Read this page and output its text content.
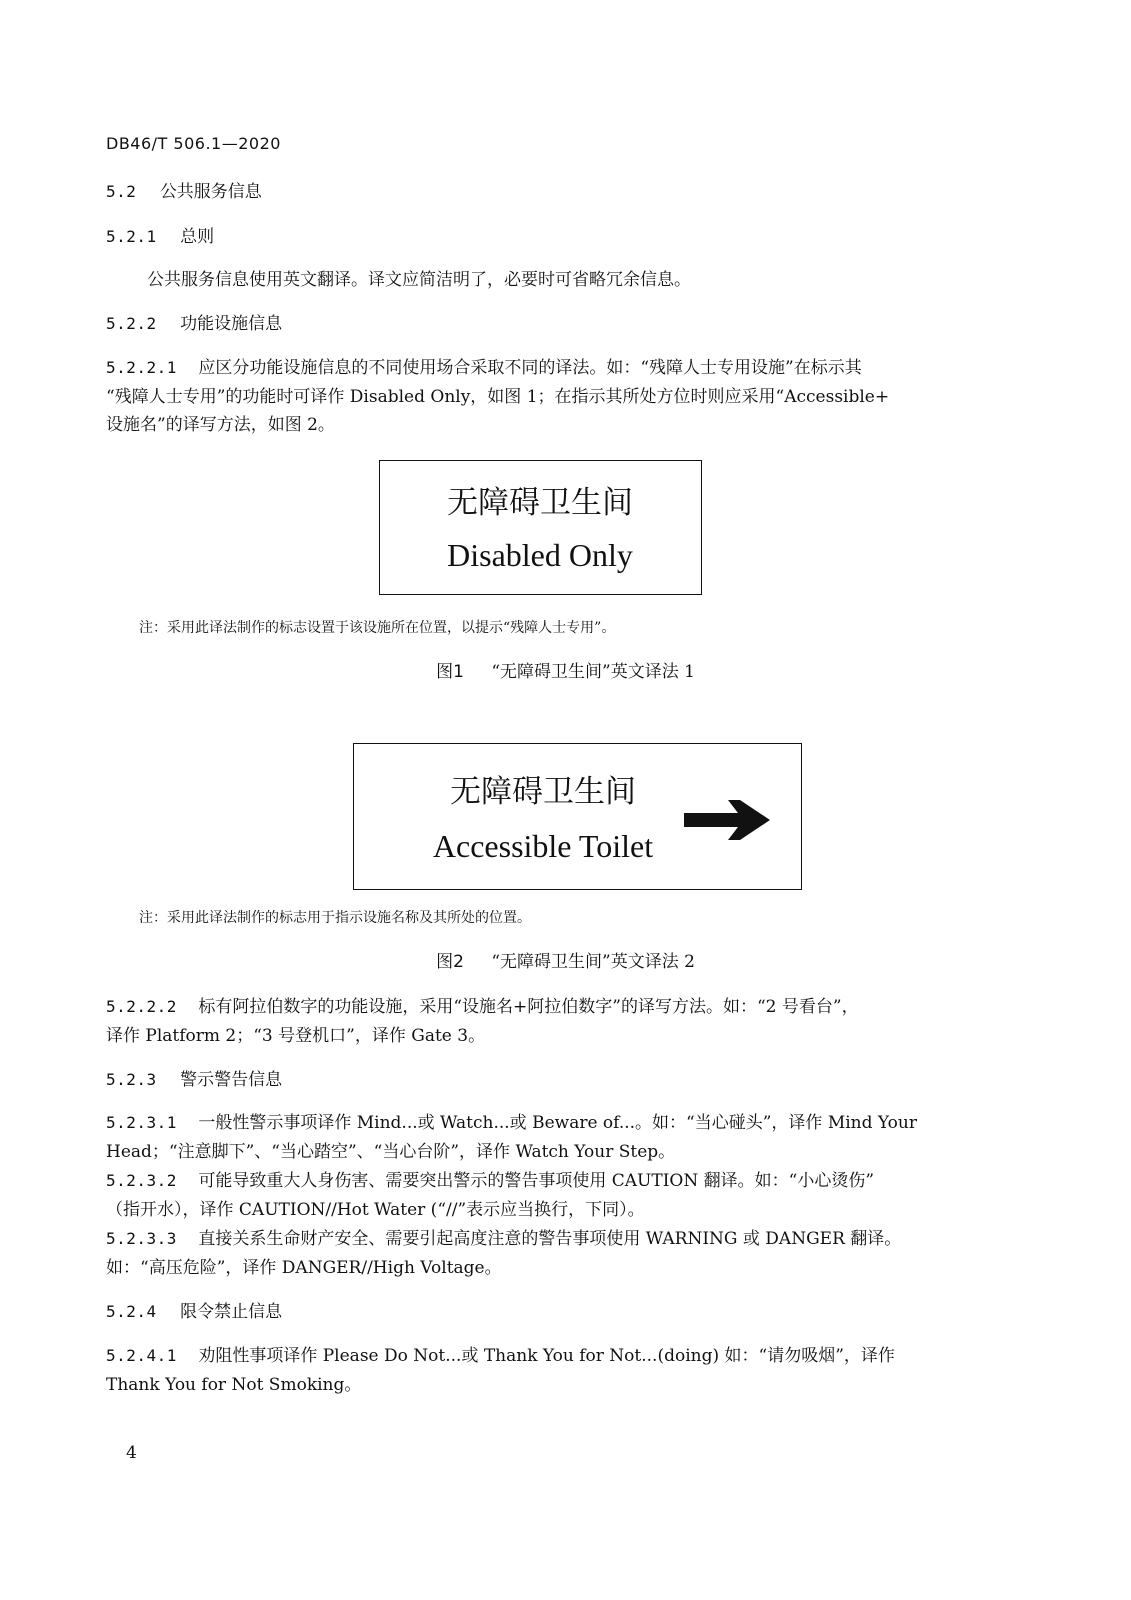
DB46/T 506.1—2020
5.2 公共服务信息
5.2.1 总则
公共服务信息使用英文翻译。译文应简洁明了，必要时可省略冗余信息。
5.2.2 功能设施信息
5.2.2.1 应区分功能设施信息的不同使用场合采取不同的译法。如：“残障人士专用设施”在标示其
“残障人士专用”的功能时可译作 Disabled Only，如图 1；在指示其所处方位时则应采用“Accessible+
设施名”的译写方法，如图 2。
无障碍卫生间
Disabled Only
注：采用此译法制作的标志设置于该设施所在位置，以提示“残障人士专用”。
图1 “无障碍卫生间”英文译法 1
无障碍卫生间
Accessible Toilet
注：采用此译法制作的标志用于指示设施名称及其所处的位置。
图2 “无障碍卫生间”英文译法 2
5.2.2.2 标有阿拉伯数字的功能设施，采用“设施名+阿拉伯数字”的译写方法。如：“2 号看台”，
译作 Platform 2；“3 号登机口”，译作 Gate 3。
5.2.3 警示警告信息
5.2.3.1 一般性警示事项译作 Mind...或 Watch...或 Beware of...。如：“当心碰头”，译作 Mind Your
Head；“注意脚下”、“当心踏空”、“当心台阶”，译作 Watch Your Step。
5.2.3.2 可能导致重大人身伤害、需要突出警示的警告事项使用 CAUTION 翻译。如：“小心烫伤”
（指开水），译作 CAUTION//Hot Water (“//”表示应当换行，下同）。
5.2.3.3 直接关系生命财产安全、需要引起高度注意的警告事项使用 WARNING 或 DANGER 翻译。
如：“高压危险”，译作 DANGER//High Voltage。
5.2.4 限令禁止信息
5.2.4.1 劝阻性事项译作 Please Do Not...或 Thank You for Not...(doing) 如：“请勿吸烟”，译作
Thank You for Not Smoking。
4
